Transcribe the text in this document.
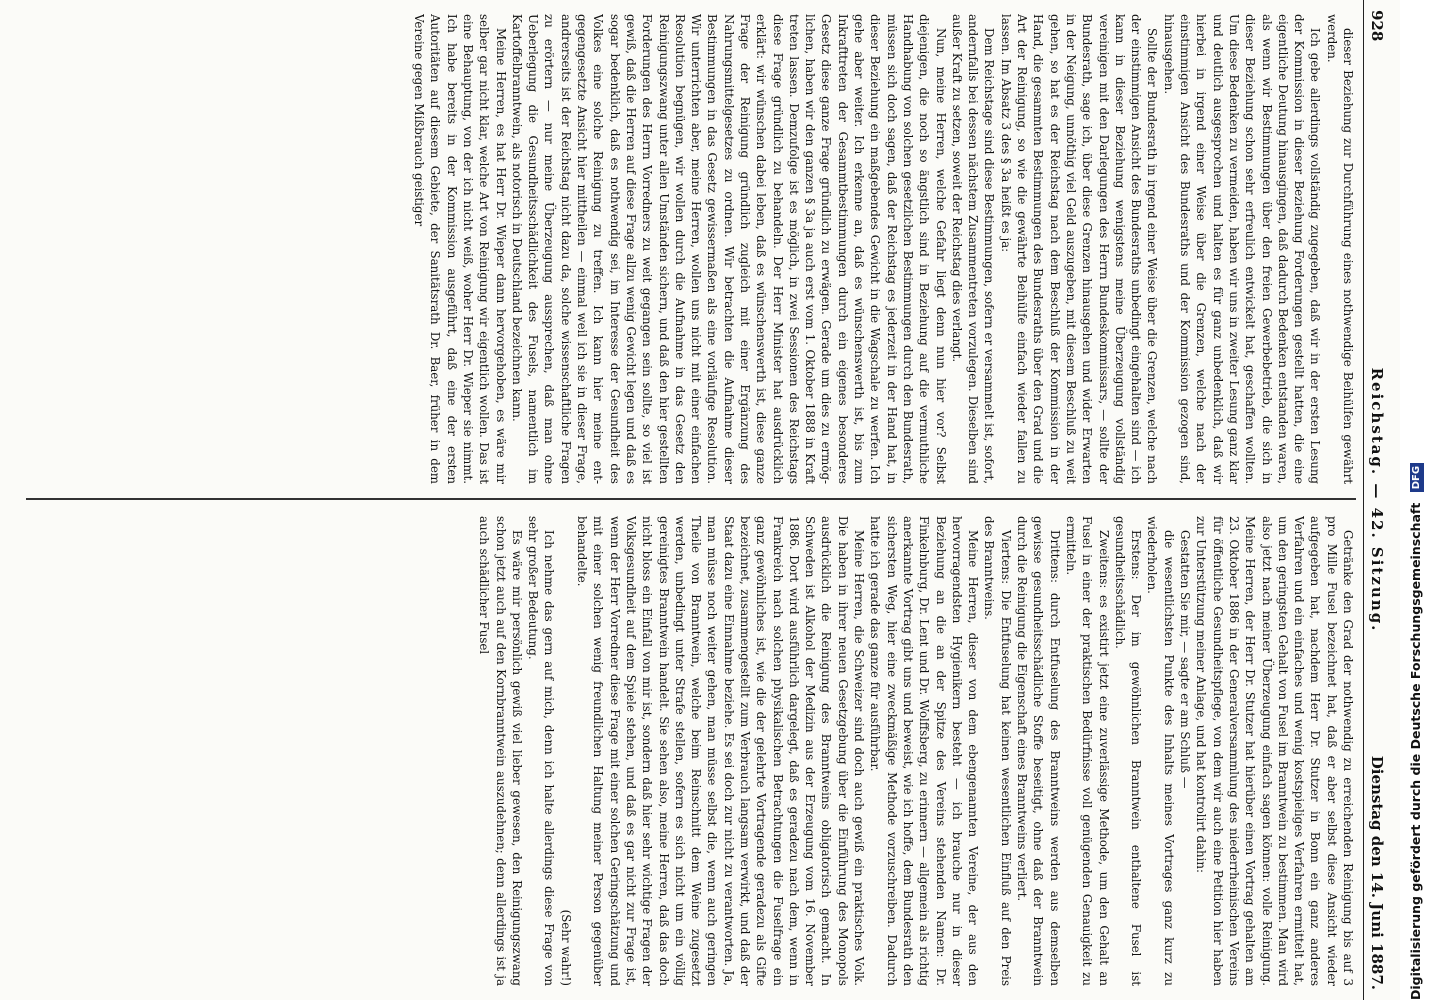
928
Reichstag. — 42. Sitzung.
Dienstag den 14. Juni 1887.

dieser Beziehung zur Durchführung eines nothwendige Beihülfen gewährt werden.

Ich gebe allerdings vollständig zugegeben, daß wir in der ersten Lesung der Kommission in dieser Beziehung Forderungen gestellt hatten, die eine eigentliche Deutung hinausgingen, daß dadurch Bedenken entstanden waren, als wenn wir Bestimmungen über den freien Gewerbebetrieb, die sich in dieser Beziehung schon sehr erfreulich entwickelt hat, geschaffen wollten. Um diese Bedenken zu vermeiden, haben wir uns in zweiter Lesung ganz klar und deutlich ausgesprochen und halten es für ganz unbedenklich, daß wir hierbei in irgend einer Weise über die Grenzen, welche nach der einstimmigen Ansicht des Bundesraths und der Kommission gezogen sind, hinausgehen.

Sollte der Bundesrath in irgend einer Weise über die Grenzen, welche nach der einstimmigen Ansicht des Bundesraths unbedingt eingehalten sind — ich kann in dieser Beziehung wenigstens meine Überzeugung vollständig vereinigen mit den Darlegungen des Herrn Bundeskommissars, — sollte der Bundesrath, sage ich, über diese Grenzen hinausgehen und wider Erwarten in der Neigung, unnöthig viel Geld auszugeben, mit diesem Beschluß zu weit gehen, so hat es der Reichstag nach dem Beschluß der Kommission in der Hand, die gesammten Bestimmungen des Bundesraths über den Grad und die Art der Reinigung, so wie die gewährte Beihülfe einfach wieder fallen zu lassen. Im Absatz 3 des § 3a heißt es ja:

Dem Reichstage sind diese Bestimmungen, sofern er versammelt ist, sofort, andernfalls bei dessen nächstem Zusammentreten vorzulegen. Dieselben sind außer Kraft zu setzen, soweit der Reichstag dies verlangt.

Nun, meine Herren, welche Gefahr liegt denn nun hier vor? Selbst diejenigen, die noch so ängstlich sind in Beziehung auf die vermuthliche Handhabung von solchen gesetzlichen Bestimmungen durch den Bundesrath, müssen sich doch sagen, daß der Reichstag es jederzeit in der Hand hat, in dieser Beziehung ein maßgebendes Gewicht in die Wagschale zu werfen. Ich gehe aber weiter. Ich erkenne an, daß es wünschenswerth ist, bis zum Inkrafttreten der Gesammtbestimmungen durch ein eigenes besonderes Gesetz diese ganze Frage gründlich zu erwägen. Gerade um dies zu ermöglichen, haben wir den ganzen § 3a ja auch erst vom 1. Oktober 1888 in Kraft treten lassen. Demzufolge ist es möglich, in zwei Sessionen des Reichstags diese Frage gründlich zu behandeln. Der Herr Minister hat ausdrücklich erklärt: wir wünschen dabei leben, daß es wünschenswerth ist, diese ganze Frage der Reinigung gründlich zugleich mit einer Ergänzung des Nahrungsmittelgesetzes zu ordnen. Wir betrachten die Aufnahme dieser Bestimmungen in das Gesetz gewissermaßen als eine vorläufige Resolution. Wir unterrichten aber, meine Herren, wollen uns nicht mit einer einfachen Resolution begnügen, wir wollen durch die Aufnahme in das Gesetz den Reinigungszwang unter allen Umständen sichern, und daß den hier gestellten Forderungen des Herrn Vorredners zu weit gegangen sein sollte, so viel ist gewiß, daß die Herren auf diese Frage allzu wenig Gewicht legen und daß es sogar bedenklich, daß es nothwendig sei, im Interesse der Gesundheit des Volkes eine solche Reinigung zu treffen. Ich kann hier meine entgegengesetzte Ansicht hier mittheilen — einmal weil ich sie in dieser Frage, andrerseits ist der Reichstag nicht dazu da, solche wissenschaftliche Fragen zu erörtern — nur meine Überzeugung aussprechen, daß man ohne Ueberlegung die Gesundheitsschädlichkeit des Fusels, namentlich im Kartoffelbranntwein, als notorisch in Deutschland bezeichnen kann.

Meine Herren, es hat Herr Dr. Wieper dann hervorgehoben, es wäre mir selber gar nicht klar, welche Art von Reinigung wir eigentlich wollen. Das ist eine Behauptung, von der ich nicht weiß, woher Herr Dr. Wieper sie nimmt. Ich habe bereits in der Kommission ausgeführt, daß eine der ersten Autoritäten auf diesem Gebiete, der Sanitätsrath Dr. Baer, früher in dem Vereine gegen Mißbrauch geistiger

Getränke den Grad der nothwendig zu erreichenden Reinigung bis auf 3 pro Mille Fusel bezeichnet hat, daß er aber selbst diese Ansicht wieder aufgegeben hat, nachdem Herr Dr. Stutzer in Bonn ein ganz anderes Verfahren und ein einfaches und wenig kostspieliges Verfahren ermittelt hat, um den geringsten Gehalt von Fusel im Branntwein zu bestimmen. Man wird also jetzt nach meiner Überzeugung einfach sagen können: volle Reinigung. Meine Herren, der Herr Dr. Stutzer hat hierüber einen Vortrag gehalten am 23. Oktober 1886 in der Generalversammlung des niederrheinischen Vereins für öffentliche Gesundheitspflege, von dem wir auch eine Petition hier haben zur Unterstützung meiner Anlage, und hat kontrolirt dahin:

Gestatten Sie mir, — sagte er am Schluß —

die wesentlichsten Punkte des Inhalts meines Vortrages ganz kurz zu wiederholen.

Erstens: Der im gewöhnlichen Branntwein enthaltene Fusel ist gesundheitsschädlich.

Zweitens: es existirt jetzt eine zuverlässige Methode, um den Gehalt an Fusel in einer der praktischen Bedürfnisse voll genügenden Genauigkeit zu ermitteln.

Drittens: durch Entfuselung des Branntweins werden aus demselben gewisse gesundheitsschädliche Stoffe beseitigt, ohne daß der Branntwein durch die Reinigung die Eigenschaft eines Branntweins verliert.

Viertens: Die Entfuselung hat keinen wesentlichen Einfluß auf den Preis des Branntweins.

Meine Herren, dieser von dem ebengenannten Vereine, der aus den hervorragendsten Hygienikern besteht — ich brauche nur in dieser Beziehung an die an der Spitze des Vereins stehenden Namen: Dr. Finkelnburg, Dr. Lent und Dr. Wolffsberg, zu erinnern — allgemein als richtig anerkannte Vortrag gibt uns und beweist, wie ich hoffe, dem Bundesrath den sichersten Weg, hier eine zweckmäßige Methode vorzuschreiben. Dadurch hatte ich gerade das ganze für ausführbar.

Meine Herren, die Schweizer sind doch auch gewiß ein praktisches Volk. Die haben in ihrer neuen Gesetzgebung über die Einführung des Monopols ausdrücklich die Reinigung des Branntweins obligatorisch gemacht. In Schweden ist Alkohol der Medizin aus der Erzeugung vom 16. November 1886. Dort wird ausführlich dargelegt, daß es geradezu nach dem, wenn in Frankreich nach solchen physikalischen Betrachtungen die Fuselfrage ein ganz gewöhnliches ist, wie die der gelehrte Vortragende geradezu als Gifte bezeichnet, zusammengestellt zum Verbrauch langsam verwirkt, und daß der Staat dazu eine Einnahme beziehe. Es sei doch zur nicht zu verantworten. Ja, man müsse noch weiter gehen, man müsse selbst die, wenn auch geringen Theile von Branntwein, welche beim Reinschnitt dem Weine zugesetzt werden, unbedingt unter Strafe stellen, sofern es sich nicht um ein völlig gereinigtes Branntwein handelt. Sie sehen also, meine Herren, daß das doch nicht bloss ein Einfall von mir ist, sondern daß hier sehr wichtige Fragen der Volksgesundheit auf dem Spiele stehen, und daß es gar nicht zur Frage ist, wenn der Herr Vorredner diese Frage mit einer solchen Geringschätzung und mit einer solchen wenig freundlichen Haltung meiner Person gegenüber behandelte.

(Sehr wahr!)

Ich nehme das gern auf mich, denn ich halte allerdings diese Frage von sehr großer Bedeutung.

Es wäre mir persönlich gewiß viel lieber gewesen, den Reinigungszwang schon jetzt auch auf den Kornbranntwein auszudehnen; denn allerdings ist ja auch schädlicher Fusel	Digitalisierung gefördert durch die Deutsche Forschungsgemeinschaft DFG
